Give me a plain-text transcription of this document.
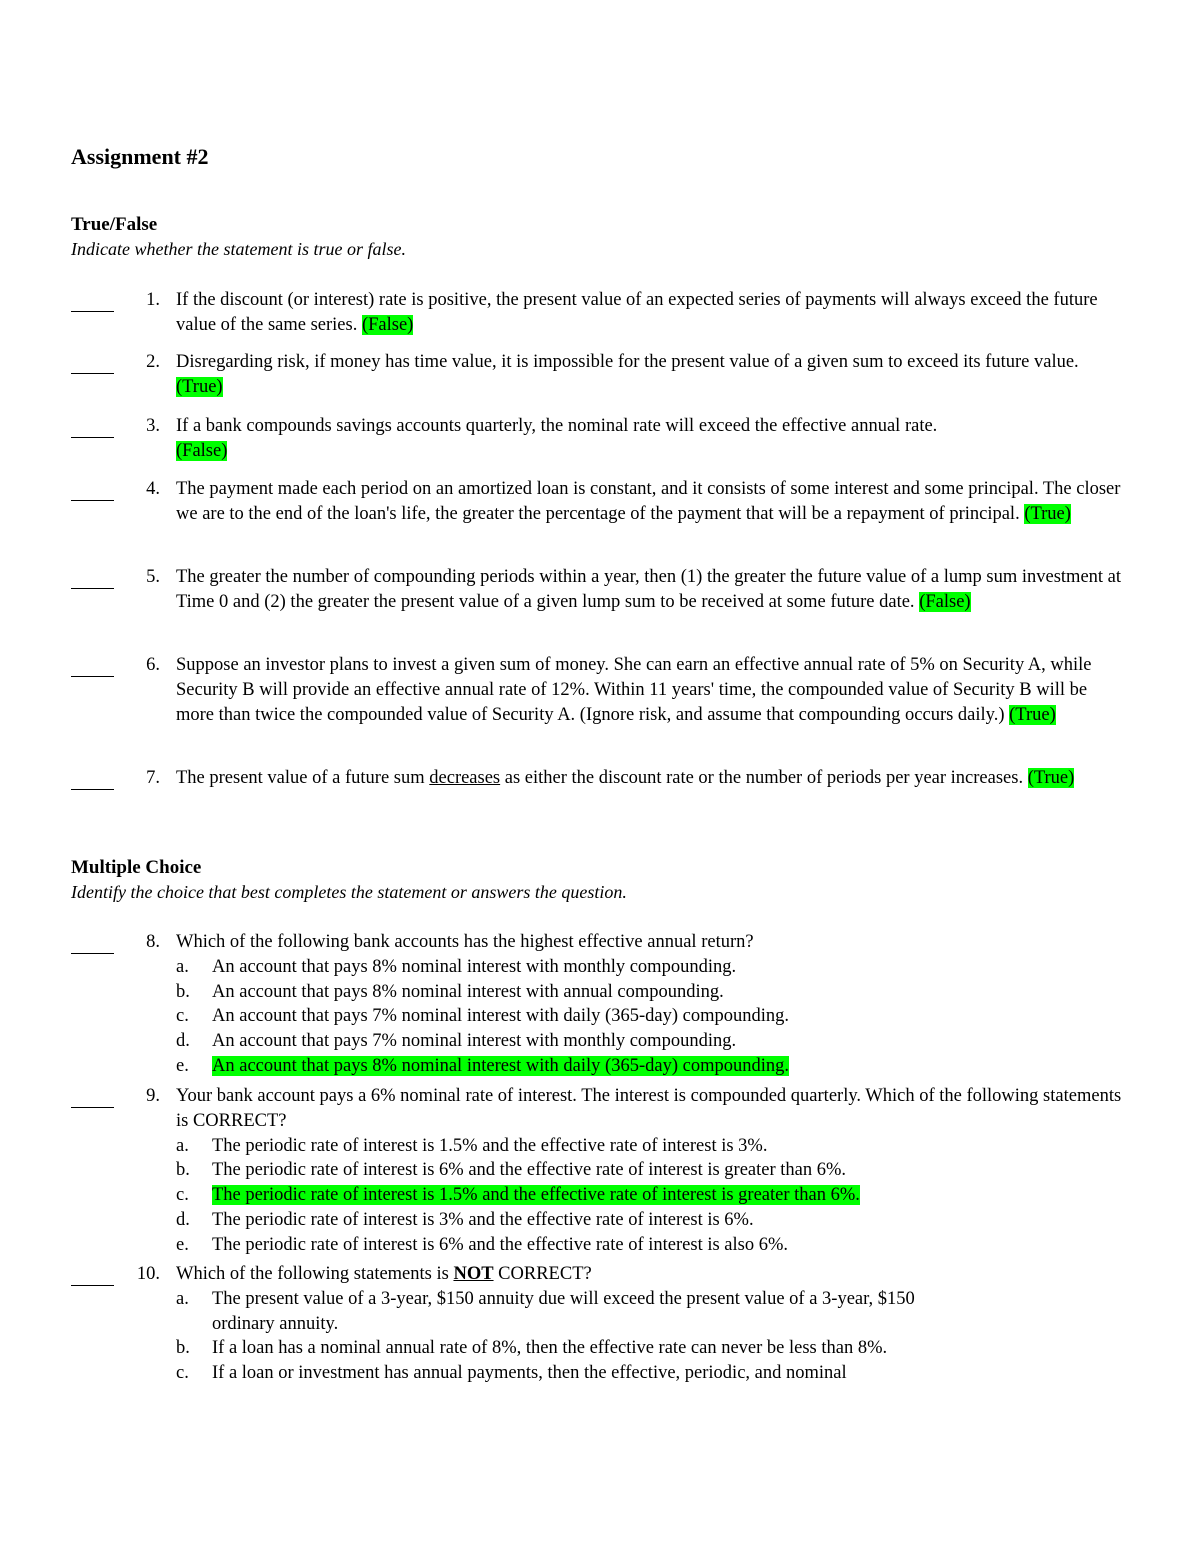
Assignment #2
True/False
Indicate whether the statement is true or false.
1. If the discount (or interest) rate is positive, the present value of an expected series of payments will always exceed the future value of the same series. (False)
2. Disregarding risk, if money has time value, it is impossible for the present value of a given sum to exceed its future value. (True)
3. If a bank compounds savings accounts quarterly, the nominal rate will exceed the effective annual rate.
(False)
4. The payment made each period on an amortized loan is constant, and it consists of some interest and some principal. The closer we are to the end of the loan's life, the greater the percentage of the payment that will be a repayment of principal. (True)
5. The greater the number of compounding periods within a year, then (1) the greater the future value of a lump sum investment at Time 0 and (2) the greater the present value of a given lump sum to be received at some future date. (False)
6. Suppose an investor plans to invest a given sum of money. She can earn an effective annual rate of 5% on Security A, while Security B will provide an effective annual rate of 12%. Within 11 years' time, the compounded value of Security B will be more than twice the compounded value of Security A. (Ignore risk, and assume that compounding occurs daily.) (True)
7. The present value of a future sum decreases as either the discount rate or the number of periods per year increases. (True)
Multiple Choice
Identify the choice that best completes the statement or answers the question.
8. Which of the following bank accounts has the highest effective annual return?
a. An account that pays 8% nominal interest with monthly compounding.
b. An account that pays 8% nominal interest with annual compounding.
c. An account that pays 7% nominal interest with daily (365-day) compounding.
d. An account that pays 7% nominal interest with monthly compounding.
e. An account that pays 8% nominal interest with daily (365-day) compounding.
9. Your bank account pays a 6% nominal rate of interest. The interest is compounded quarterly. Which of the following statements is CORRECT?
a. The periodic rate of interest is 1.5% and the effective rate of interest is 3%.
b. The periodic rate of interest is 6% and the effective rate of interest is greater than 6%.
c. The periodic rate of interest is 1.5% and the effective rate of interest is greater than 6%.
d. The periodic rate of interest is 3% and the effective rate of interest is 6%.
e. The periodic rate of interest is 6% and the effective rate of interest is also 6%.
10. Which of the following statements is NOT CORRECT?
a. The present value of a 3-year, $150 annuity due will exceed the present value of a 3-year, $150 ordinary annuity.
b. If a loan has a nominal annual rate of 8%, then the effective rate can never be less than 8%.
c. If a loan or investment has annual payments, then the effective, periodic, and nominal
